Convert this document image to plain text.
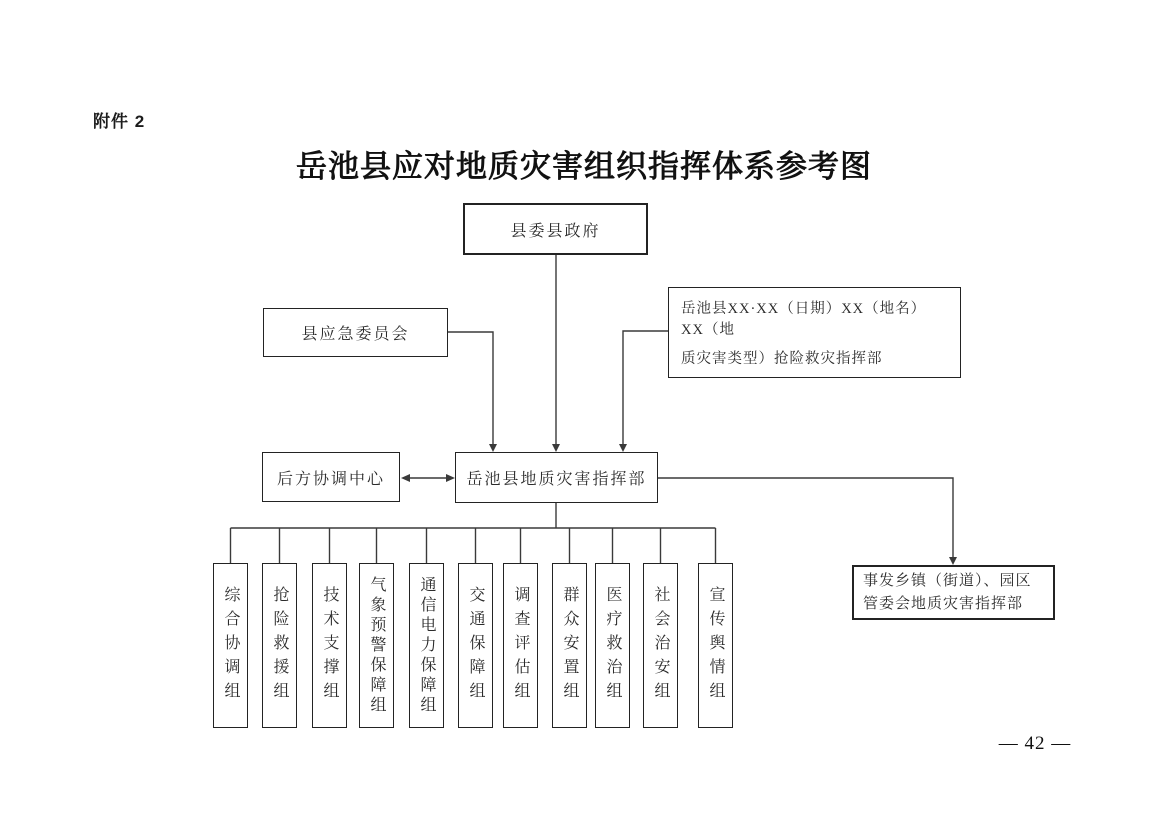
附件 2
岳池县应对地质灾害组织指挥体系参考图
县委县政府
县应急委员会
岳池县XX·XX（日期）XX（地名）XX（地
质灾害类型）抢险救灾指挥部
后方协调中心	岳池县地质灾害指挥部
事发乡镇（街道）、园区
管委会地质灾害指挥部
综合协调组	抢险救援组	技术支撑组	气象预警保障组	通信电力保障组	交通保障组	调查评估组	群众安置组	医疗救治组	社会治安组	宣传舆情组
— 42 —
